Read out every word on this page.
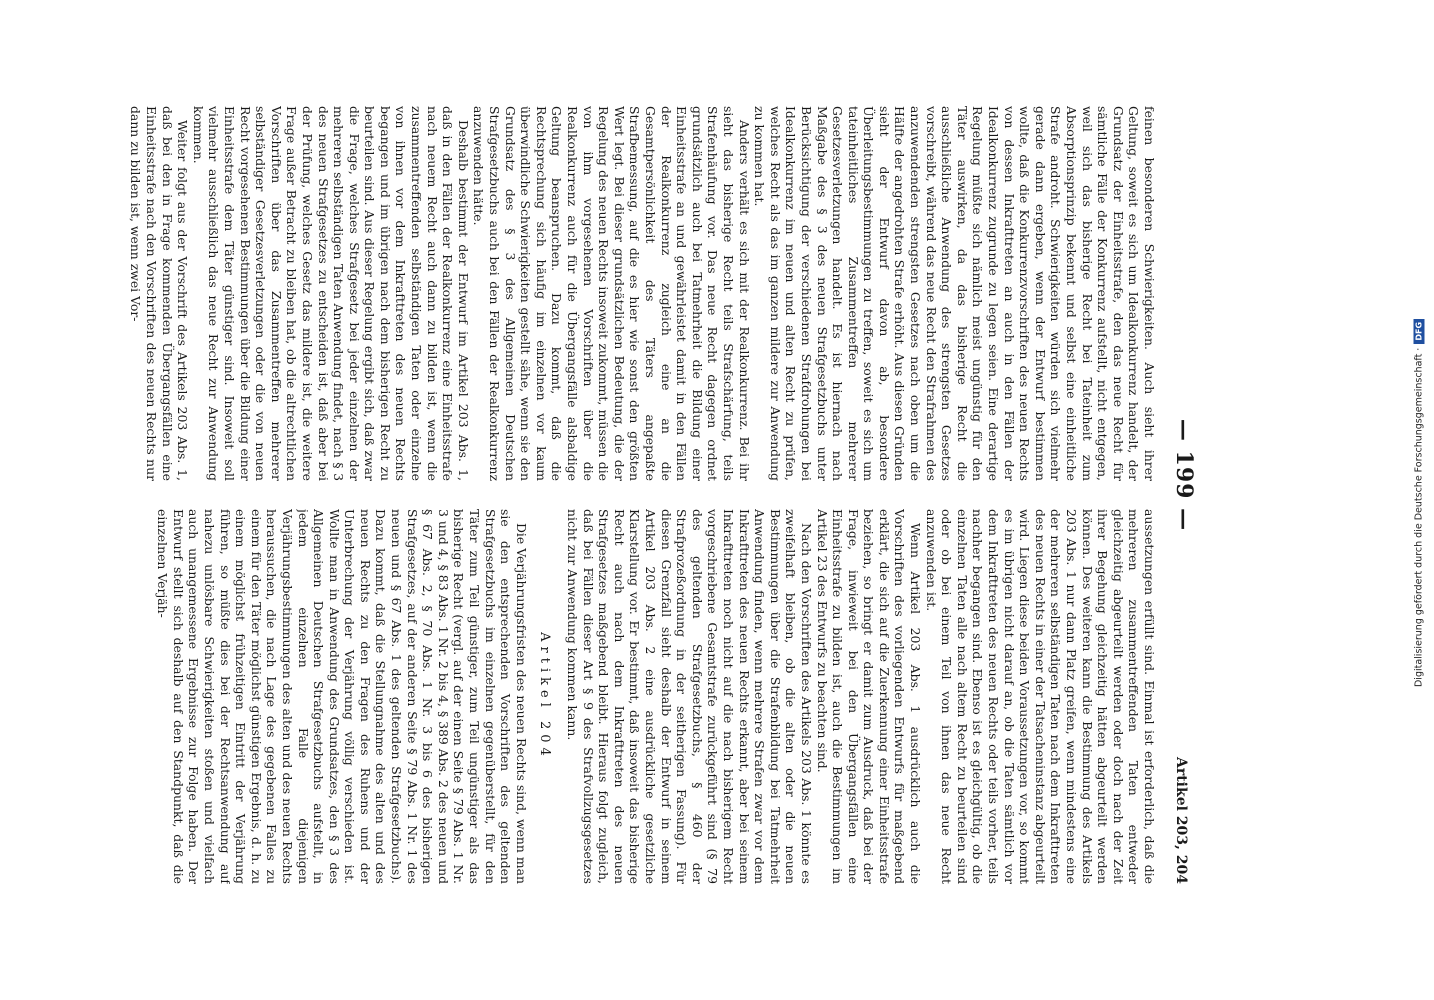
— 199 —
Artikel 203, 204

feinen besonderen Schwierigkeiten. Auch sieht ihrer Geltung, soweit es sich um Idealkonkurrenz handelt, der Grundsatz der Einheitsstrafe, den das neue Recht für sämtliche Fälle der Konkurrenz aufstellt, nicht entgegen, weil sich das bisherige Recht bei Tateinheit zum Absorptionsprinzip bekennt und selbst eine einheitliche Strafe androht. Schwierigkeiten würden sich vielmehr gerade dann ergeben, wenn der Entwurf bestimmen wollte, daß die Konkurrenzvorschriften des neuen Rechts von dessen Inkrafttreten an auch in den Fällen der Idealkonkurrenz zugrunde zu legen seien. Eine derartige Regelung müßte sich nämlich meist ungünstig für den Täter auswirken, da das bisherige Recht die ausschließliche Anwendung des strengsten Gesetzes vorschreibt, während das neue Recht den Strafrahmen des anzuwendenden strengsten Gesetzes nach oben um die Hälfte der angedrohten Strafe erhöht. Aus diesen Gründen sieht der Entwurf davon ab, besondere Überleitungsbestimmungen zu treffen, soweit es sich um tateinheitliches Zusammentreffen mehrerer Gesetzesverletzungen handelt. Es ist hiernach nach Maßgabe des § 3 des neuen Strafgesetzbuchs unter Berücksichtigung der verschiedenen Strafdrohungen bei Idealkonkurrenz im neuen und alten Recht zu prüfen, welches Recht als das im ganzen mildere zur Anwendung zu kommen hat.

Anders verhält es sich mit der Realkonkurrenz. Bei ihr sieht das bisherige Recht teils Strafschärfung, teils Strafenhäufung vor. Das neue Recht dagegen ordnet grundsätzlich auch bei Tatmehrheit die Bildung einer Einheitsstrafe an und gewährleistet damit in den Fällen der Realkonkurrenz zugleich eine an die Gesamtpersönlichkeit des Täters angepaßte Strafbemessung, auf die es hier wie sonst den größten Wert legt. Bei dieser grundsätzlichen Bedeutung, die der Regelung des neuen Rechts insoweit zukommt, müssen die von ihm vorgesehenen Vorschriften über die Realkonkurrenz auch für die Übergangsfälle alsbaldige Geltung beanspruchen. Dazu kommt, daß die Rechtsprechung sich häufig im einzelnen vor kaum überwindliche Schwierigkeiten gestellt sähe, wenn sie den Grundsatz des § 3 des Allgemeinen Deutschen Strafgesetzbuchs auch bei den Fällen der Realkonkurrenz anzuwenden hätte.

Deshalb bestimmt der Entwurf im Artikel 203 Abs. 1, daß in den Fällen der Realkonkurrenz eine Einheitsstrafe nach neuem Recht auch dann zu bilden ist, wenn die zusammentreffenden selbständigen Taten oder einzelne von ihnen vor dem Inkrafttreten des neuen Rechts begangen und im übrigen nach dem bisherigen Recht zu beurteilen sind. Aus dieser Regelung ergibt sich, daß zwar die Frage, welches Strafgesetz bei jeder einzelnen der mehreren selbständigen Taten Anwendung findet, nach § 3 des neuen Strafgesetzes zu entscheiden ist, daß aber bei der Prüfung, welches Gesetz das mildere ist, die weitere Frage außer Betracht zu bleiben hat, ob die altrechtlichen Vorschriften über das Zusammentreffen mehrerer selbständiger Gesetzesverletzungen oder die von neuen Recht vorgesehenen Bestimmungen über die Bildung einer Einheitsstrafe dem Täter günstiger sind. Insoweit soll vielmehr ausschließlich das neue Recht zur Anwendung kommen.

Weiter folgt aus der Vorschrift des Artikels 203 Abs. 1, daß bei den in Frage kommenden Übergangsfällen eine Einheitsstrafe nach den Vorschriften des neuen Rechts nur dann zu bilden ist, wenn zwei Vor-

aussetzungen erfüllt sind. Einmal ist erforderlich, daß die mehreren zusammentreffenden Taten entweder gleichzeitig abgeurteilt werden oder doch nach der Zeit ihrer Begehung gleichzeitig hätten abgeurteilt werden können. Des weiteren kann die Bestimmung des Artikels 203 Abs. 1 nur dann Platz greifen, wenn mindestens eine der mehreren selbständigen Taten nach dem Inkrafttreten des neuen Rechts in einer der Tatsacheninstanz abgeurteilt wird. Liegen diese beiden Voraussetzungen vor, so kommt es im übrigen nicht darauf an, ob die Taten sämtlich vor dem Inkrafttreten des neuen Rechts oder teils vorher, teils nachher begangen sind. Ebenso ist es gleichgültig, ob die einzelnen Taten alle nach altem Recht zu beurteilen sind oder ob bei einem Teil von ihnen das neue Recht anzuwenden ist.

Wenn Artikel 203 Abs. 1 ausdrücklich auch die Vorschriften des vorliegenden Entwurfs für maßgebend erklärt, die sich auf die Zuerkennung einer Einheitsstrafe beziehen, so bringt er damit zum Ausdruck, daß bei der Frage, inwieweit bei den Übergangsfällen eine Einheitsstrafe zu bilden ist, auch die Bestimmungen im Artikel 23 des Entwurfs zu beachten sind.

Nach den Vorschriften des Artikels 203 Abs. 1 könnte es zweifelhaft bleiben, ob die alten oder die neuen Bestimmungen über die Strafenbildung bei Tatmehrheit Anwendung finden, wenn mehrere Strafen zwar vor dem Inkrafttreten des neuen Rechts erkannt, aber bei seinem Inkrafttreten noch nicht auf die nach bisherigem Recht vorgeschriebene Gesamtstrafe zurückgeführt sind (§ 79 des geltenden Strafgesetzbuchs, § 460 der Strafprozeßordnung in der seitherigen Fassung). Für diesen Grenzfall sieht deshalb der Entwurf in seinem Artikel 203 Abs. 2 eine ausdrückliche gesetzliche Klarstellung vor. Er bestimmt, daß insoweit das bisherige Recht auch nach dem Inkrafttreten des neuen Strafgesetzes maßgebend bleibt. Hieraus folgt zugleich, daß bei Fällen dieser Art § 9 des Strafvollzugsgesetzes nicht zur Anwendung kommen kann.

Artikel 204

Die Verjährungsfristen des neuen Rechts sind, wenn man sie den entsprechenden Vorschriften des geltenden Strafgesetzbuchs im einzelnen gegenüberstellt, für den Täter zum Teil günstiger, zum Teil ungünstiger als das bisherige Recht (vergl. auf der einen Seite § 79 Abs. 1 Nr. 3 und 4, § 83 Abs. 1 Nr. 2 bis 4, § 389 Abs. 2 des neuen und § 67 Abs. 2, § 70 Abs. 1 Nr. 3 bis 6 des bisherigen Strafgesetzes, auf der anderen Seite § 79 Abs. 1 Nr. 1 des neuen und § 67 Abs. 1 des geltenden Strafgesetzbuchs). Dazu kommt, daß die Stellungnahme des alten und des neuen Rechts zu den Fragen des Ruhens und der Unterbrechung der Verjährung völlig verschieden ist. Wollte man in Anwendung des Grundsatzes, den § 3 des Allgemeinen Deutschen Strafgesetzbuchs aufstellt, in jedem einzelnen Falle diejenigen Verjährungsbestimmungen des alten und des neuen Rechts heraussuchen, die nach Lage des gegebenen Falles zu einem für den Täter möglichst günstigen Ergebnis, d. h. zu einem möglichst frühzeitigen Eintritt der Verjährung führen, so müßte dies bei der Rechtsanwendung auf nahezu unlösbare Schwierigkeiten stoßen und vielfach auch unangemessene Ergebnisse zur Folge haben. Der Entwurf stellt sich deshalb auf den Standpunkt, daß die einzelnen Verjäh-	Digitalisierung gefördert durch die Deutsche Forschungsgemeinschaft ·
DFG
